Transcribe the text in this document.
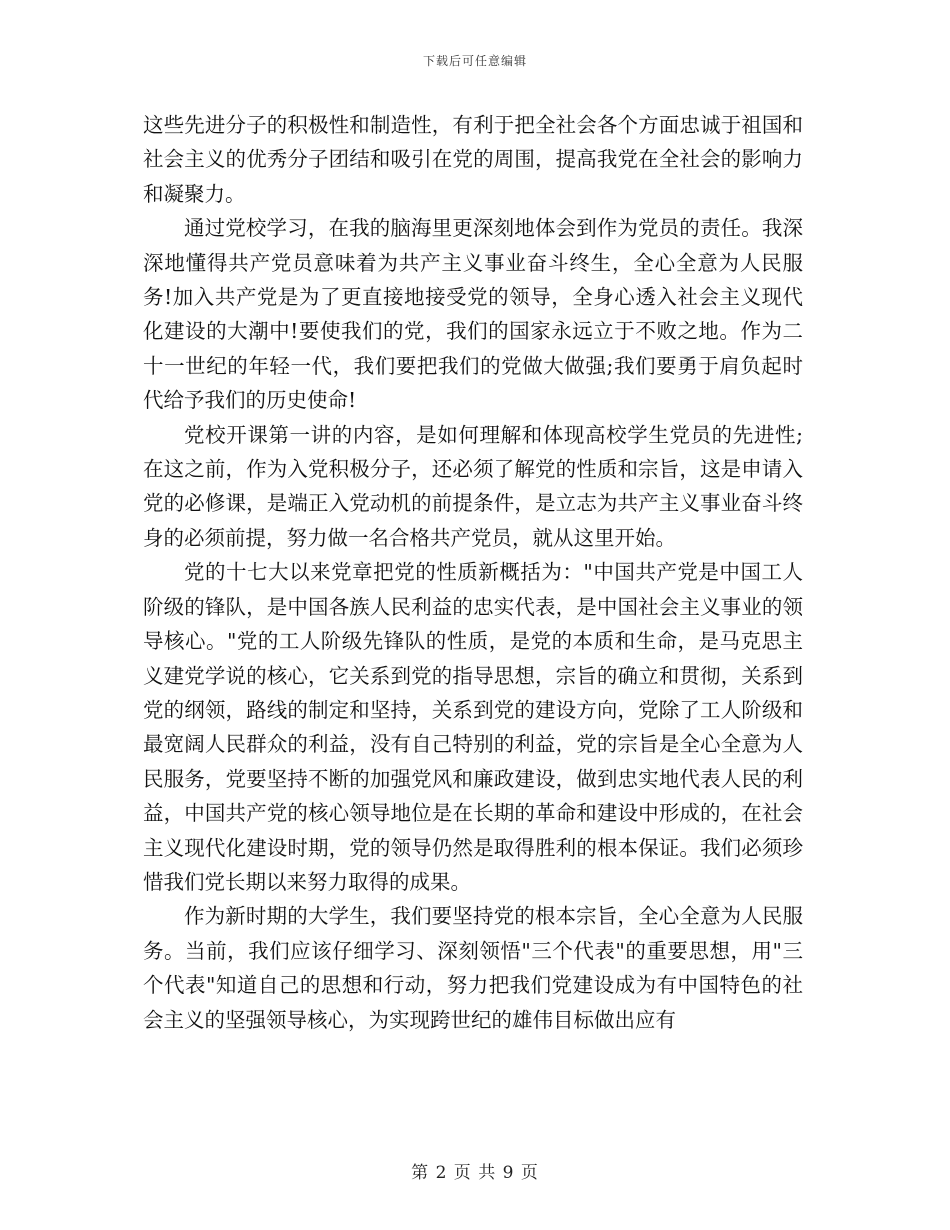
下载后可任意编辑

这些先进分子的积极性和制造性，有利于把全社会各个方面忠诚于祖国和社会主义的优秀分子团结和吸引在党的周围，提高我党在全社会的影响力和凝聚力。

通过党校学习，在我的脑海里更深刻地体会到作为党员的责任。我深深地懂得共产党员意味着为共产主义事业奋斗终生，全心全意为人民服务!加入共产党是为了更直接地接受党的领导，全身心透入社会主义现代化建设的大潮中!要使我们的党，我们的国家永远立于不败之地。作为二十一世纪的年轻一代，我们要把我们的党做大做强;我们要勇于肩负起时代给予我们的历史使命!

党校开课第一讲的内容，是如何理解和体现高校学生党员的先进性;在这之前，作为入党积极分子，还必须了解党的性质和宗旨，这是申请入党的必修课，是端正入党动机的前提条件，是立志为共产主义事业奋斗终身的必须前提，努力做一名合格共产党员，就从这里开始。

党的十七大以来党章把党的性质新概括为："中国共产党是中国工人阶级的锋队，是中国各族人民利益的忠实代表，是中国社会主义事业的领导核心。"党的工人阶级先锋队的性质，是党的本质和生命，是马克思主义建党学说的核心，它关系到党的指导思想，宗旨的确立和贯彻，关系到党的纲领，路线的制定和坚持，关系到党的建设方向，党除了工人阶级和最宽阔人民群众的利益，没有自己特别的利益，党的宗旨是全心全意为人民服务，党要坚持不断的加强党风和廉政建设，做到忠实地代表人民的利益，中国共产党的核心领导地位是在长期的革命和建设中形成的，在社会主义现代化建设时期，党的领导仍然是取得胜利的根本保证。我们必须珍惜我们党长期以来努力取得的成果。

作为新时期的大学生，我们要坚持党的根本宗旨，全心全意为人民服务。当前，我们应该仔细学习、深刻领悟"三个代表"的重要思想，用"三个代表"知道自己的思想和行动，努力把我们党建设成为有中国特色的社会主义的坚强领导核心，为实现跨世纪的雄伟目标做出应有

第 2 页 共 9 页
